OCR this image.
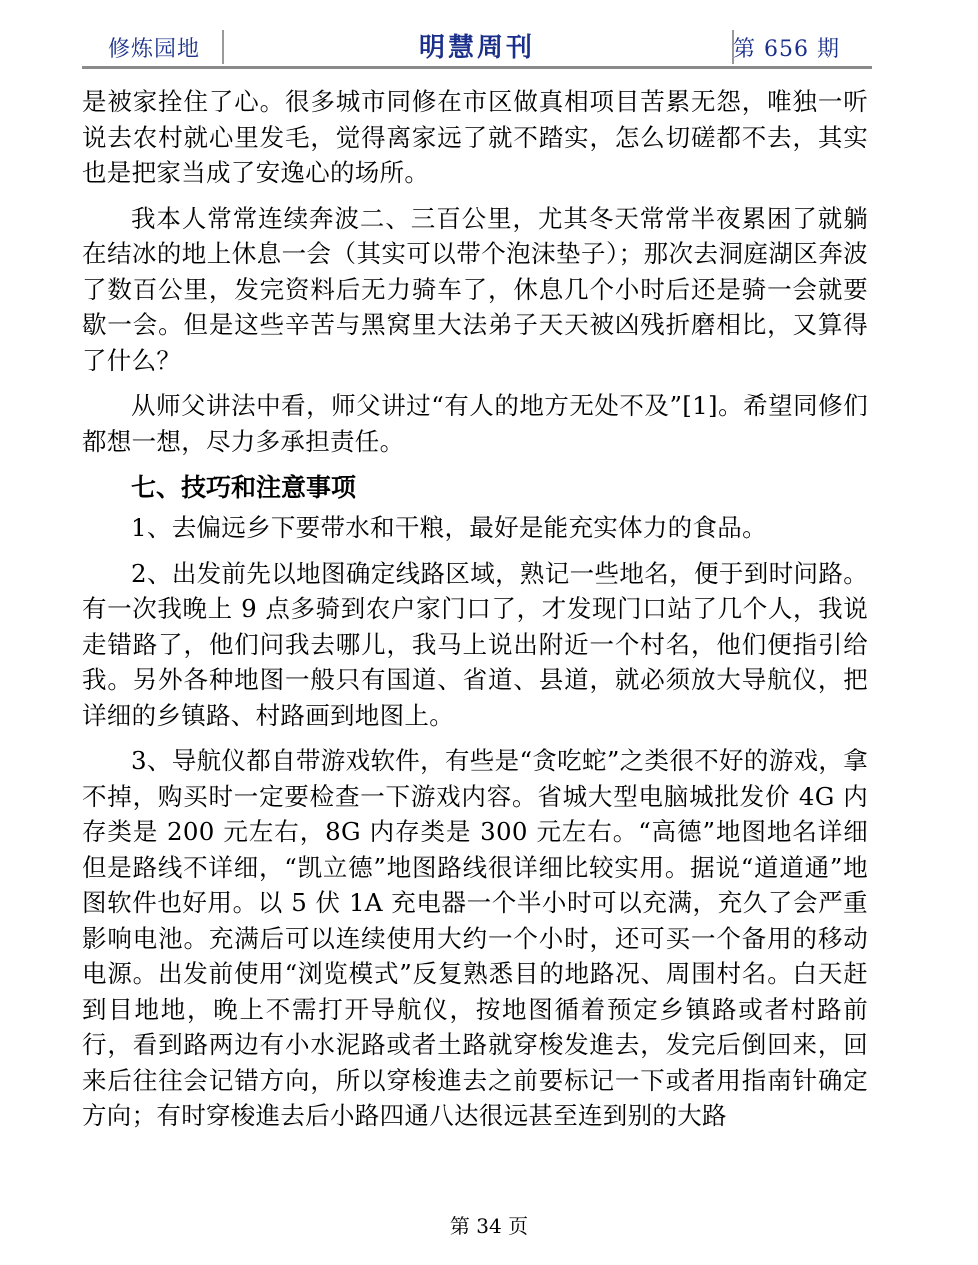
修炼园地	明慧周刊	第 656 期

是被家拴住了心。很多城市同修在市区做真相项目苦累无怨，唯独一听说去农村就心里发毛，觉得离家远了就不踏实，怎么切磋都不去，其实也是把家当成了安逸心的场所。

我本人常常连续奔波二、三百公里，尤其冬天常常半夜累困了就躺在结冰的地上休息一会（其实可以带个泡沫垫子）；那次去洞庭湖区奔波了数百公里，发完资料后无力骑车了，休息几个小时后还是骑一会就要歇一会。但是这些辛苦与黑窝里大法弟子天天被凶残折磨相比，又算得了什么？

从师父讲法中看，师父讲过“有人的地方无处不及”[1]。希望同修们都想一想，尽力多承担责任。

七、技巧和注意事项

1、去偏远乡下要带水和干粮，最好是能充实体力的食品。

2、出发前先以地图确定线路区域，熟记一些地名，便于到时问路。有一次我晚上 9 点多骑到农户家门口了，才发现门口站了几个人，我说走错路了，他们问我去哪儿，我马上说出附近一个村名，他们便指引给我。另外各种地图一般只有国道、省道、县道，就必须放大导航仪，把详细的乡镇路、村路画到地图上。

3、导航仪都自带游戏软件，有些是“贪吃蛇”之类很不好的游戏，拿不掉，购买时一定要检查一下游戏内容。省城大型电脑城批发价 4G 内存类是 200 元左右，8G 内存类是 300 元左右。“高德”地图地名详细但是路线不详细，“凯立德”地图路线很详细比较实用。据说“道道通”地图软件也好用。以 5 伏 1A 充电器一个半小时可以充满，充久了会严重影响电池。充满后可以连续使用大约一个小时，还可买一个备用的移动电源。出发前使用“浏览模式”反复熟悉目的地路况、周围村名。白天赶到目地地，晚上不需打开导航仪，按地图循着预定乡镇路或者村路前行，看到路两边有小水泥路或者土路就穿梭发進去，发完后倒回来，回来后往往会记错方向，所以穿梭進去之前要标记一下或者用指南针确定方向；有时穿梭進去后小路四通八达很远甚至连到别的大路

第 34 页
